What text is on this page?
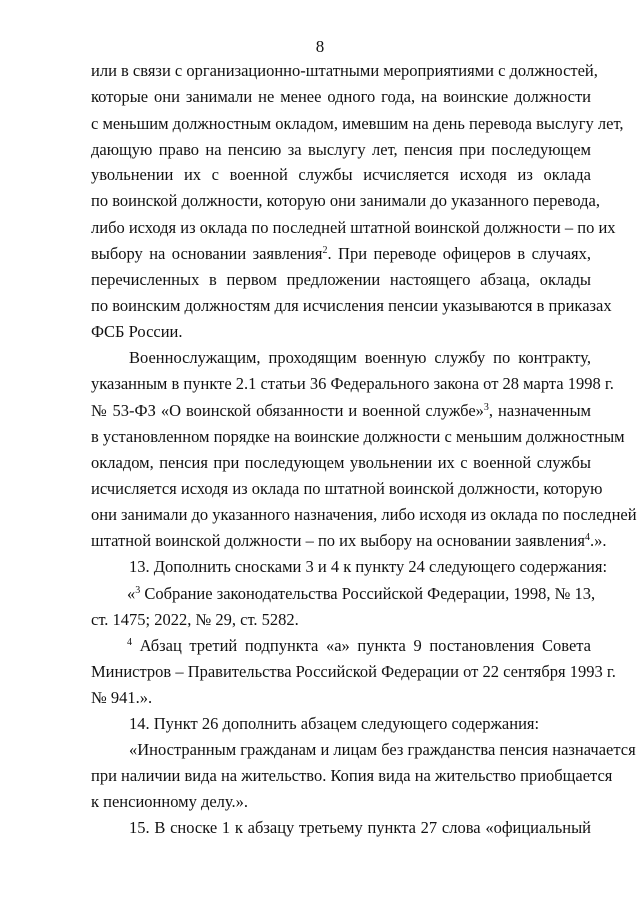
8
или в связи с организационно-штатными мероприятиями с должностей,
которые они занимали не менее одного года, на воинские должности
с меньшим должностным окладом, имевшим на день перевода выслугу лет,
дающую право на пенсию за выслугу лет, пенсия при последующем
увольнении их с военной службы исчисляется исходя из оклада
по воинской должности, которую они занимали до указанного перевода,
либо исходя из оклада по последней штатной воинской должности – по их
выбору на основании заявления$^2$. При переводе офицеров в случаях,
перечисленных в первом предложении настоящего абзаца, оклады
по воинским должностям для исчисления пенсии указываются в приказах
ФСБ России.
Военнослужащим, проходящим военную службу по контракту,
указанным в пункте 2.1 статьи 36 Федерального закона от 28 марта 1998 г.
№ 53-ФЗ «О воинской обязанности и военной службе»$^3$, назначенным
в установленном порядке на воинские должности с меньшим должностным
окладом, пенсия при последующем увольнении их с военной службы
исчисляется исходя из оклада по штатной воинской должности, которую
они занимали до указанного назначения, либо исходя из оклада по последней
штатной воинской должности – по их выбору на основании заявления$^4$.».
13. Дополнить сносками 3 и 4 к пункту 24 следующего содержания:
«$^3$ Собрание законодательства Российской Федерации, 1998, № 13,
ст. 1475; 2022, № 29, ст. 5282.
$^4$ Абзац третий подпункта «а» пункта 9 постановления Совета
Министров – Правительства Российской Федерации от 22 сентября 1993 г.
№ 941.».
14. Пункт 26 дополнить абзацем следующего содержания:
«Иностранным гражданам и лицам без гражданства пенсия назначается
при наличии вида на жительство. Копия вида на жительство приобщается
к пенсионному делу.».
15. В сноске 1 к абзацу третьему пункта 27 слова «официальный
